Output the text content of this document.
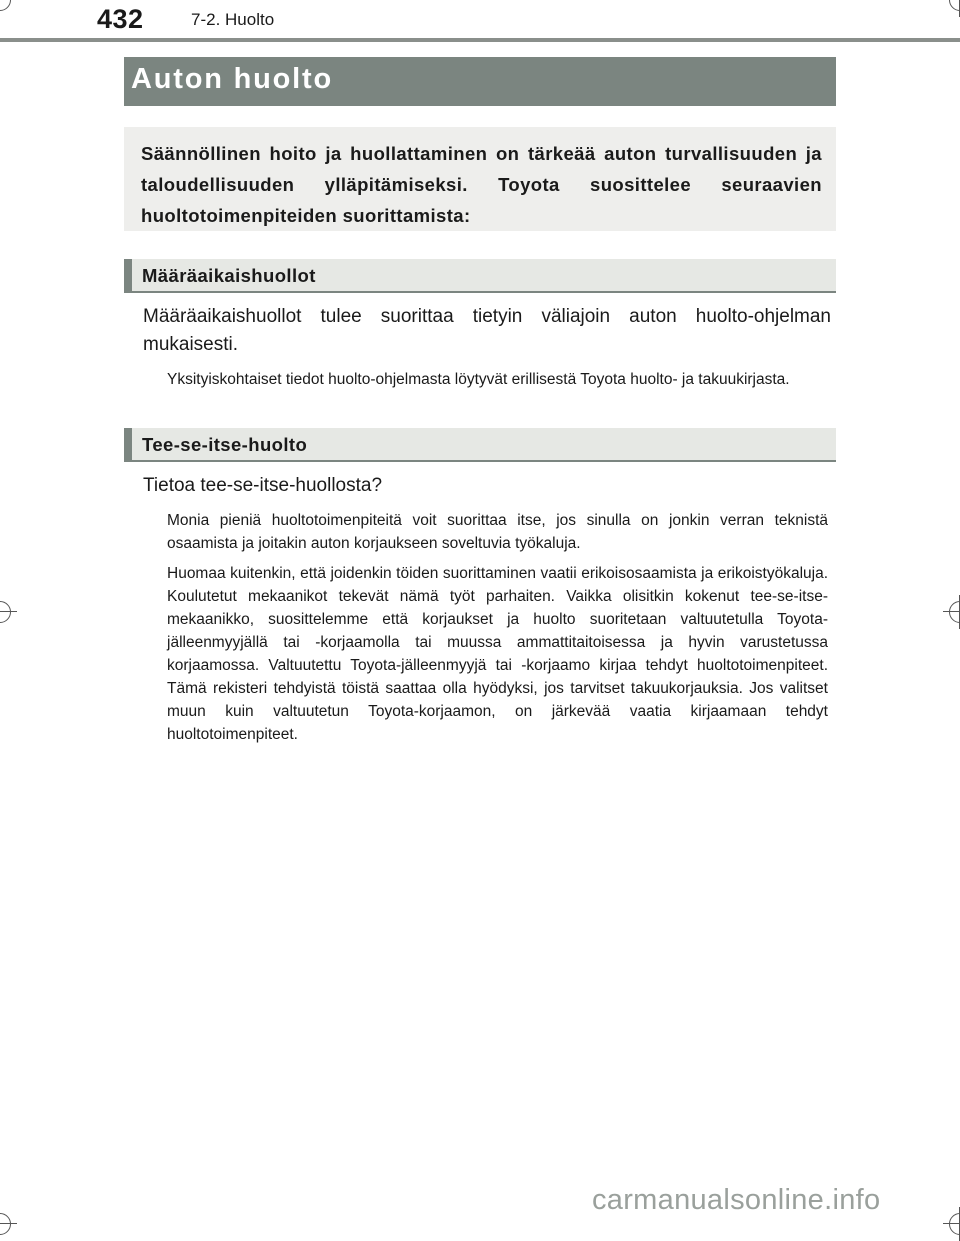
432	7-2. Huolto
Auton huolto

Säännöllinen hoito ja huollattaminen on tärkeää auton turvallisuuden ja taloudellisuuden ylläpitämiseksi. Toyota suosittelee seuraavien huoltotoimenpiteiden suorittamista:

Määräaikaishuollot

Määräaikaishuollot tulee suorittaa tietyin väliajoin auton huolto-ohjelman mukaisesti.

Yksityiskohtaiset tiedot huolto-ohjelmasta löytyvät erillisestä Toyota huolto- ja takuukirjasta.

Tee-se-itse-huolto

Tietoa tee-se-itse-huollosta?

Monia pieniä huoltotoimenpiteitä voit suorittaa itse, jos sinulla on jonkin verran teknistä osaamista ja joitakin auton korjaukseen soveltuvia työkaluja.

Huomaa kuitenkin, että joidenkin töiden suorittaminen vaatii erikoisosaamista ja erikoistyökaluja. Koulutetut mekaanikot tekevät nämä työt parhaiten. Vaikka olisitkin kokenut tee-se-itse-mekaanikko, suosittelemme että korjaukset ja huolto suoritetaan valtuutetulla Toyota-jälleenmyyjällä tai -korjaamolla tai muussa ammattitaitoisessa ja hyvin varustetussa korjaamossa. Valtuutettu Toyota-jälleenmyyjä tai -korjaamo kirjaa tehdyt huoltotoimenpiteet. Tämä rekisteri tehdyistä töistä saattaa olla hyödyksi, jos tarvitset takuukorjauksia. Jos valitset muun kuin valtuutetun Toyota-korjaamon, on järkevää vaatia kirjaamaan tehdyt huoltotoimenpiteet.

carmanualsonline.info
